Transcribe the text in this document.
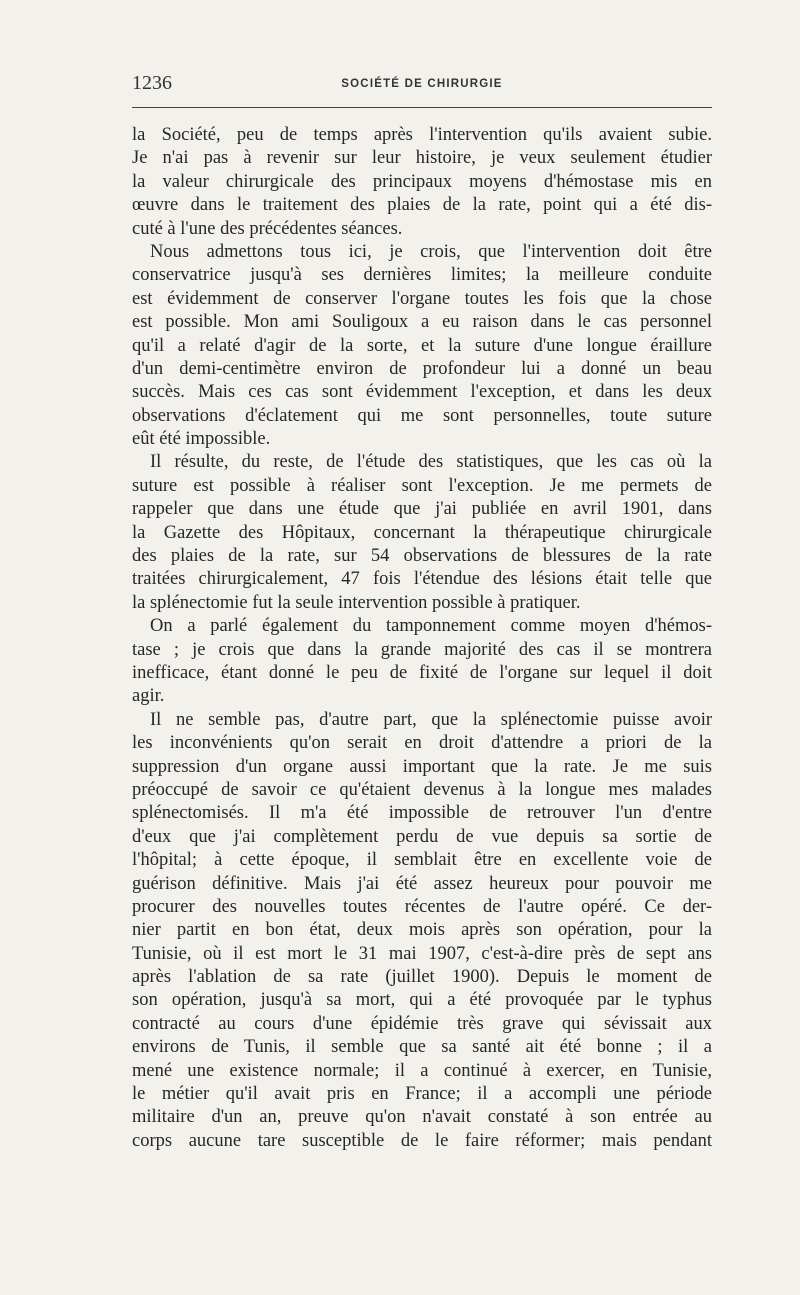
1236	SOCIÉTÉ DE CHIRURGIE
la Société, peu de temps après l'intervention qu'ils avaient subie.
Je n'ai pas à revenir sur leur histoire, je veux seulement étudier
la valeur chirurgicale des principaux moyens d'hémostase mis en
œuvre dans le traitement des plaies de la rate, point qui a été dis-
cuté à l'une des précédentes séances.
Nous admettons tous ici, je crois, que l'intervention doit être
conservatrice jusqu'à ses dernières limites; la meilleure conduite
est évidemment de conserver l'organe toutes les fois que la chose
est possible. Mon ami Souligoux a eu raison dans le cas personnel
qu'il a relaté d'agir de la sorte, et la suture d'une longue éraillure
d'un demi-centimètre environ de profondeur lui a donné un beau
succès. Mais ces cas sont évidemment l'exception, et dans les deux
observations d'éclatement qui me sont personnelles, toute suture
eût été impossible.
Il résulte, du reste, de l'étude des statistiques, que les cas où la
suture est possible à réaliser sont l'exception. Je me permets de
rappeler que dans une étude que j'ai publiée en avril 1901, dans
la Gazette des Hôpitaux, concernant la thérapeutique chirurgicale
des plaies de la rate, sur 54 observations de blessures de la rate
traitées chirurgicalement, 47 fois l'étendue des lésions était telle que
la splénectomie fut la seule intervention possible à pratiquer.
On a parlé également du tamponnement comme moyen d'hémos-
tase ; je crois que dans la grande majorité des cas il se montrera
inefficace, étant donné le peu de fixité de l'organe sur lequel il doit
agir.
Il ne semble pas, d'autre part, que la splénectomie puisse avoir
les inconvénients qu'on serait en droit d'attendre a priori de la
suppression d'un organe aussi important que la rate. Je me suis
préoccupé de savoir ce qu'étaient devenus à la longue mes malades
splénectomisés. Il m'a été impossible de retrouver l'un d'entre
d'eux que j'ai complètement perdu de vue depuis sa sortie de
l'hôpital; à cette époque, il semblait être en excellente voie de
guérison définitive. Mais j'ai été assez heureux pour pouvoir me
procurer des nouvelles toutes récentes de l'autre opéré. Ce der-
nier partit en bon état, deux mois après son opération, pour la
Tunisie, où il est mort le 31 mai 1907, c'est-à-dire près de sept ans
après l'ablation de sa rate (juillet 1900). Depuis le moment de
son opération, jusqu'à sa mort, qui a été provoquée par le typhus
contracté au cours d'une épidémie très grave qui sévissait aux
environs de Tunis, il semble que sa santé ait été bonne ; il a
mené une existence normale; il a continué à exercer, en Tunisie,
le métier qu'il avait pris en France; il a accompli une période
militaire d'un an, preuve qu'on n'avait constaté à son entrée au
corps aucune tare susceptible de le faire réformer; mais pendant
